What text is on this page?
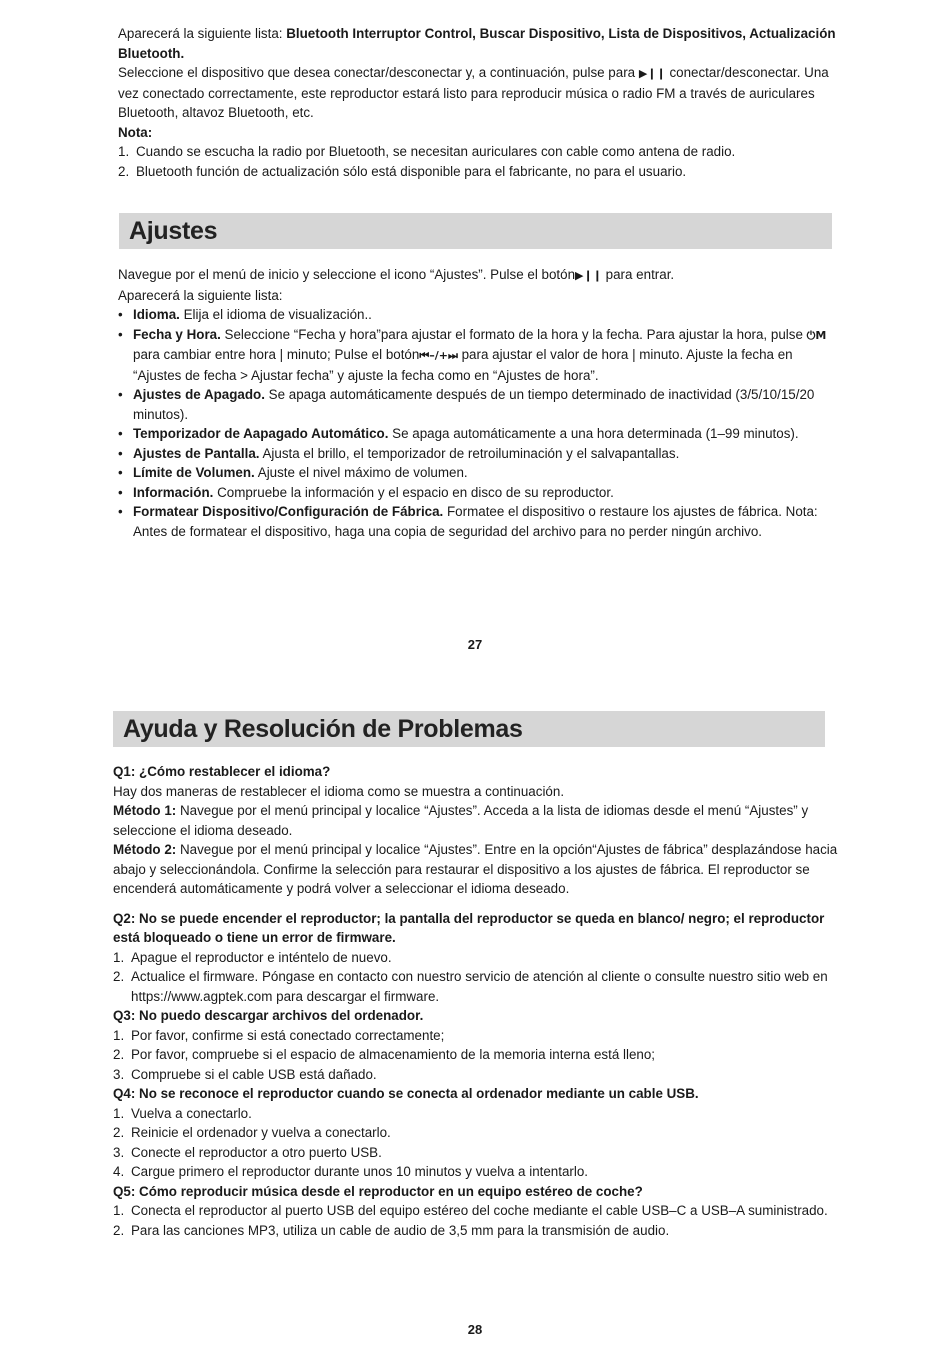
Aparecerá la siguiente lista: Bluetooth Interruptor Control, Buscar Dispositivo, Lista de Dispositivos, Actualización Bluetooth.

Seleccione el dispositivo que desea conectar/desconectar y, a continuación, pulse para ▶❙❙ conectar/desconectar. Una vez conectado correctamente, este reproductor estará listo para reproducir música o radio FM a través de auriculares Bluetooth, altavoz Bluetooth, etc.

Nota:

1. Cuando se escucha la radio por Bluetooth, se necesitan auriculares con cable como antena de radio.
2. Bluetooth función de actualización sólo está disponible para el fabricante, no para el usuario.
Ajustes

Navegue por el menú de inicio y seleccione el icono “Ajustes”. Pulse el botón▶❙❙ para entrar.

Aparecerá la siguiente lista:

• Idioma. Elija el idioma de visualización..
• Fecha y Hora. Seleccione “Fecha y hora”para ajustar el formato de la hora y la fecha. Para ajustar la hora, pulse ⏻M para cambiar entre hora | minuto; Pulse el botón⏮–/+⏭ para ajustar el valor de hora | minuto. Ajuste la fecha en “Ajustes de fecha > Ajustar fecha” y ajuste la fecha como en “Ajustes de hora”.
• Ajustes de Apagado. Se apaga automáticamente después de un tiempo determinado de inactividad (3/5/10/15/20 minutos).
• Temporizador de Aapagado Automático. Se apaga automáticamente a una hora determinada (1–99 minutos).
• Ajustes de Pantalla. Ajusta el brillo, el temporizador de retroiluminación y el salvapantallas.
• Límite de Volumen. Ajuste el nivel máximo de volumen.
• Información. Compruebe la información y el espacio en disco de su reproductor.
• Formatear Dispositivo/Configuración de Fábrica. Formatee el dispositivo o restaure los ajustes de fábrica. Nota: Antes de formatear el dispositivo, haga una copia de seguridad del archivo para no perder ningún archivo.
27
Ayuda y Resolución de Problemas

Q1: ¿Cómo restablecer el idioma?

Hay dos maneras de restablecer el idioma como se muestra a continuación.

Método 1: Navegue por el menú principal y localice “Ajustes”. Acceda a la lista de idiomas desde el menú “Ajustes” y seleccione el idioma deseado.

Método 2: Navegue por el menú principal y localice “Ajustes”. Entre en la opción“Ajustes de fábrica” desplazándose hacia abajo y seleccionándola. Confirme la selección para restaurar el dispositivo a los ajustes de fábrica. El reproductor se encenderá automáticamente y podrá volver a seleccionar el idioma deseado.

Q2: No se puede encender el reproductor; la pantalla del reproductor se queda en blanco/ negro; el reproductor está bloqueado o tiene un error de firmware.

1. Apague el reproductor e inténtelo de nuevo.
2. Actualice el firmware. Póngase en contacto con nuestro servicio de atención al cliente o consulte nuestro sitio web en https://www.agptek.com para descargar el firmware.

Q3: No puedo descargar archivos del ordenador.

1. Por favor, confirme si está conectado correctamente;
2. Por favor, compruebe si el espacio de almacenamiento de la memoria interna está lleno;
3. Compruebe si el cable USB está dañado.

Q4: No se reconoce el reproductor cuando se conecta al ordenador mediante un cable USB.

1. Vuelva a conectarlo.
2. Reinicie el ordenador y vuelva a conectarlo.
3. Conecte el reproductor a otro puerto USB.
4. Cargue primero el reproductor durante unos 10 minutos y vuelva a intentarlo.

Q5: Cómo reproducir música desde el reproductor en un equipo estéreo de coche?

1. Conecta el reproductor al puerto USB del equipo estéreo del coche mediante el cable USB–C a USB–A suministrado.
2. Para las canciones MP3, utiliza un cable de audio de 3,5 mm para la transmisión de audio.
28
